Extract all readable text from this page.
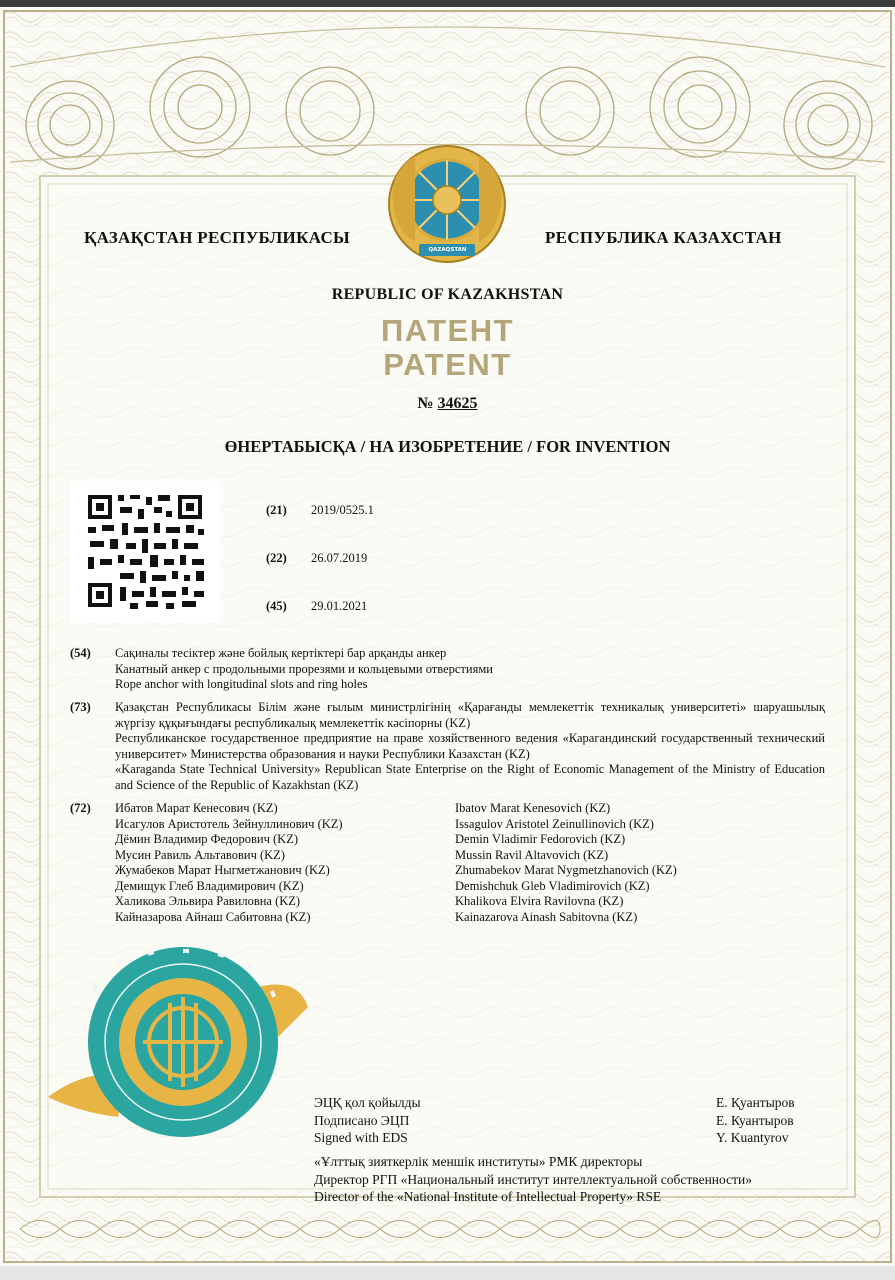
QAZAQSTAN
ҚАЗАҚСТАН РЕСПУБЛИКАСЫ	РЕСПУБЛИКА КАЗАХСТАН
REPUBLIC OF KAZAKHSTAN
ПАТЕНТ
PATENT
№ 34625
ӨНЕРТАБЫСҚА / НА ИЗОБРЕТЕНИЕ / FOR INVENTION
(21) 2019/0525.1
(22) 26.07.2019
(45) 29.01.2021
(54) Сақиналы тесіктер және бойлық кертіктері бар арқанды анкер
Канатный анкер с продольными прорезями и кольцевыми отверстиями
Rope anchor with longitudinal slots and ring holes
(73) Қазақстан Республикасы Білім және ғылым министрлігінің «Қарағанды мемлекеттік техникалық университеті» шаруашылық жүргізу құқығындағы республикалық мемлекеттік кәсіпорны (KZ)
Республиканское государственное предприятие на праве хозяйственного ведения «Карагандинский государственный технический университет» Министерства образования и науки Республики Казахстан (KZ)
«Karaganda State Technical University» Republican State Enterprise on the Right of Economic Management of the Ministry of Education and Science of the Republic of Kazakhstan (KZ)
(72) Ибатов Марат Кенесович (KZ)
Исагулов Аристотель Зейнуллинович (KZ)
Дёмин Владимир Федорович (KZ)
Мусин Равиль Альтавович (KZ)
Жумабеков Марат Ныгметжанович (KZ)
Демищук Глеб Владимирович (KZ)
Халикова Эльвира Равиловна (KZ)
Кайназарова Айнаш Сабитовна (KZ)
Ibatov Marat Kenesovich (KZ)
Issagulov Aristotel Zeinullinovich (KZ)
Demin Vladimir Fedorovich (KZ)
Mussin Ravil Altavovich (KZ)
Zhumabekov Marat Nygmetzhanovich (KZ)
Demishchuk Gleb Vladimirovich (KZ)
Khalikova Elvira Ravilovna (KZ)
Kainazarova Ainash Sabitovna (KZ)
ЭЦҚ қол қойылды
Подписано ЭЦП
Signed with EDS
Е. Қуантыров
Е. Куантыров
Y. Kuantyrov
«Ұлттық зияткерлік меншік институты» РМК директоры
Директор РГП «Национальный институт интеллектуальной собственности»
Director of the «National Institute of Intellectual Property» RSE
